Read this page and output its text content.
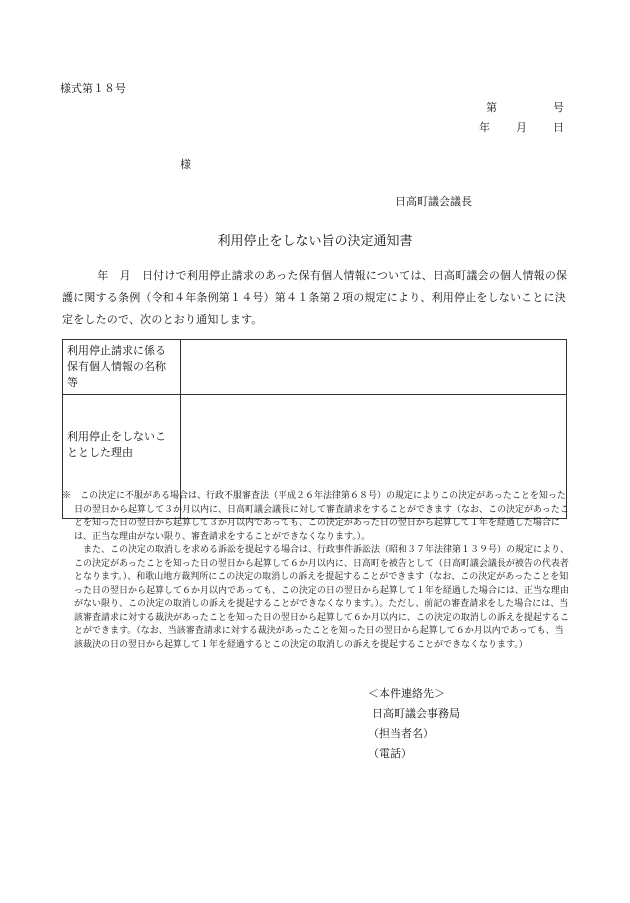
様式第１８号
第	号
年 月 日
様
日高町議会議長
利用停止をしない旨の決定通知書
年　月　日付けで利用停止請求のあった保有個人情報については、日高町議会の個人情報の保護に関する条例（令和４年条例第１４号）第４１条第２項の規定により、利用停止をしないことに決定をしたので、次のとおり通知します。
利用停止請求に係る保有個人情報の名称等	
利用停止をしないこととした理由	

※　この決定に不服がある場合は、行政不服審査法（平成２６年法律第６８号）の規定によりこの決定があったことを知った日の翌日から起算して３か月以内に、日高町議会議長に対して審査請求をすることができます（なお、この決定があったことを知った日の翌日から起算して３か月以内であっても、この決定があった日の翌日から起算して１年を経過した場合には、正当な理由がない限り、審査請求をすることができなくなります。）。

また、この決定の取消しを求める訴訟を提起する場合は、行政事件訴訟法（昭和３７年法律第１３９号）の規定により、この決定があったことを知った日の翌日から起算して６か月以内に、日高町を被告として（日高町議会議長が被告の代表者となります。）、和歌山地方裁判所にこの決定の取消しの訴えを提起することができます（なお、この決定があったことを知った日の翌日から起算して６か月以内であっても、この決定の日の翌日から起算して１年を経過した場合には、正当な理由がない限り、この決定の取消しの訴えを提起することができなくなります。）。ただし、前記の審査請求をした場合には、当該審査請求に対する裁決があったことを知った日の翌日から起算して６か月以内に、この決定の取消しの訴えを提起することができます。（なお、当該審査請求に対する裁決があったことを知った日の翌日から起算して６か月以内であっても、当該裁決の日の翌日から起算して１年を経過するとこの決定の取消しの訴えを提起することができなくなります。）

＜本件連絡先＞
日高町議会事務局
（担当者名）
（電話）
